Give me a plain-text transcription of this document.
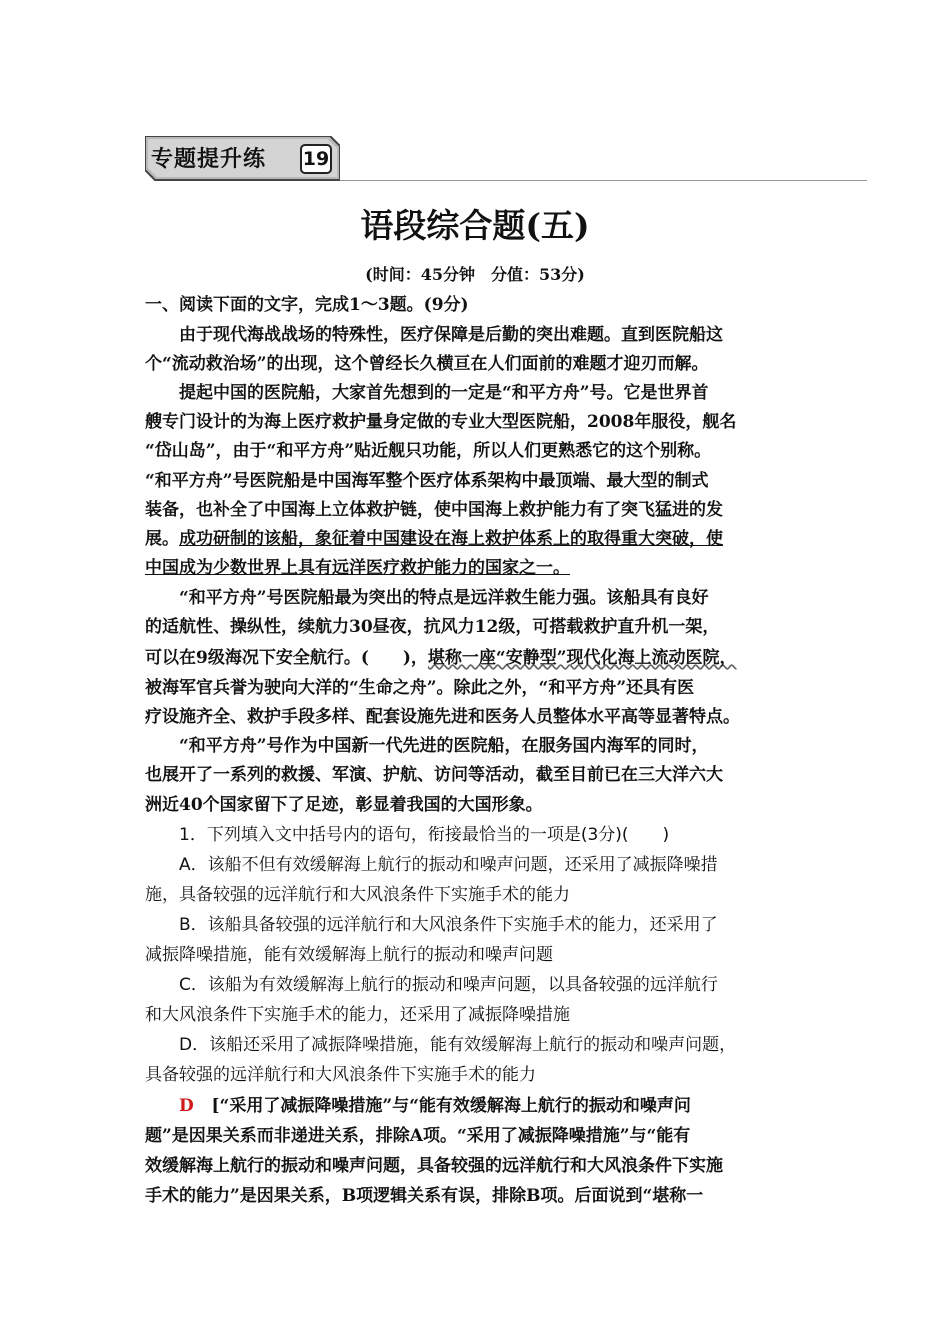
专题提升练 19
语段综合题(五)
(时间：45分钟　分值：53分)
一、阅读下面的文字，完成1～3题。(9分)
由于现代海战战场的特殊性，医疗保障是后勤的突出难题。直到医院船这
个“流动救治场”的出现，这个曾经长久横亘在人们面前的难题才迎刃而解。
提起中国的医院船，大家首先想到的一定是“和平方舟”号。它是世界首
艘专门设计的为海上医疗救护量身定做的专业大型医院船，2008年服役，舰名
“岱山岛”，由于“和平方舟”贴近舰只功能，所以人们更熟悉它的这个别称。
“和平方舟”号医院船是中国海军整个医疗体系架构中最顶端、最大型的制式
装备，也补全了中国海上立体救护链，使中国海上救护能力有了突飞猛进的发
展。成功研制的该船，象征着中国建设在海上救护体系上的取得重大突破，使
中国成为少数世界上具有远洋医疗救护能力的国家之一。
“和平方舟”号医院船最为突出的特点是远洋救生能力强。该船具有良好
的适航性、操纵性，续航力30昼夜，抗风力12级，可搭载救护直升机一架，
可以在9级海况下安全航行。(　　)，堪称一座“安静型”现代化海上流动医院，
被海军官兵誉为驶向大洋的“生命之舟”。除此之外，“和平方舟”还具有医
疗设施齐全、救护手段多样、配套设施先进和医务人员整体水平高等显著特点。
“和平方舟”号作为中国新一代先进的医院船，在服务国内海军的同时，
也展开了一系列的救援、军演、护航、访问等活动，截至目前已在三大洋六大
洲近40个国家留下了足迹，彰显着我国的大国形象。
1．下列填入文中括号内的语句，衔接最恰当的一项是(3分)(　　)
A．该船不但有效缓解海上航行的振动和噪声问题，还采用了减振降噪措
施，具备较强的远洋航行和大风浪条件下实施手术的能力
B．该船具备较强的远洋航行和大风浪条件下实施手术的能力，还采用了
减振降噪措施，能有效缓解海上航行的振动和噪声问题
C．该船为有效缓解海上航行的振动和噪声问题，以具备较强的远洋航行
和大风浪条件下实施手术的能力，还采用了减振降噪措施
D．该船还采用了减振降噪措施，能有效缓解海上航行的振动和噪声问题，
具备较强的远洋航行和大风浪条件下实施手术的能力
D [“采用了减振降噪措施”与“能有效缓解海上航行的振动和噪声问
题”是因果关系而非递进关系，排除A项。“采用了减振降噪措施”与“能有
效缓解海上航行的振动和噪声问题，具备较强的远洋航行和大风浪条件下实施
手术的能力”是因果关系，B项逻辑关系有误，排除B项。后面说到“堪称一
